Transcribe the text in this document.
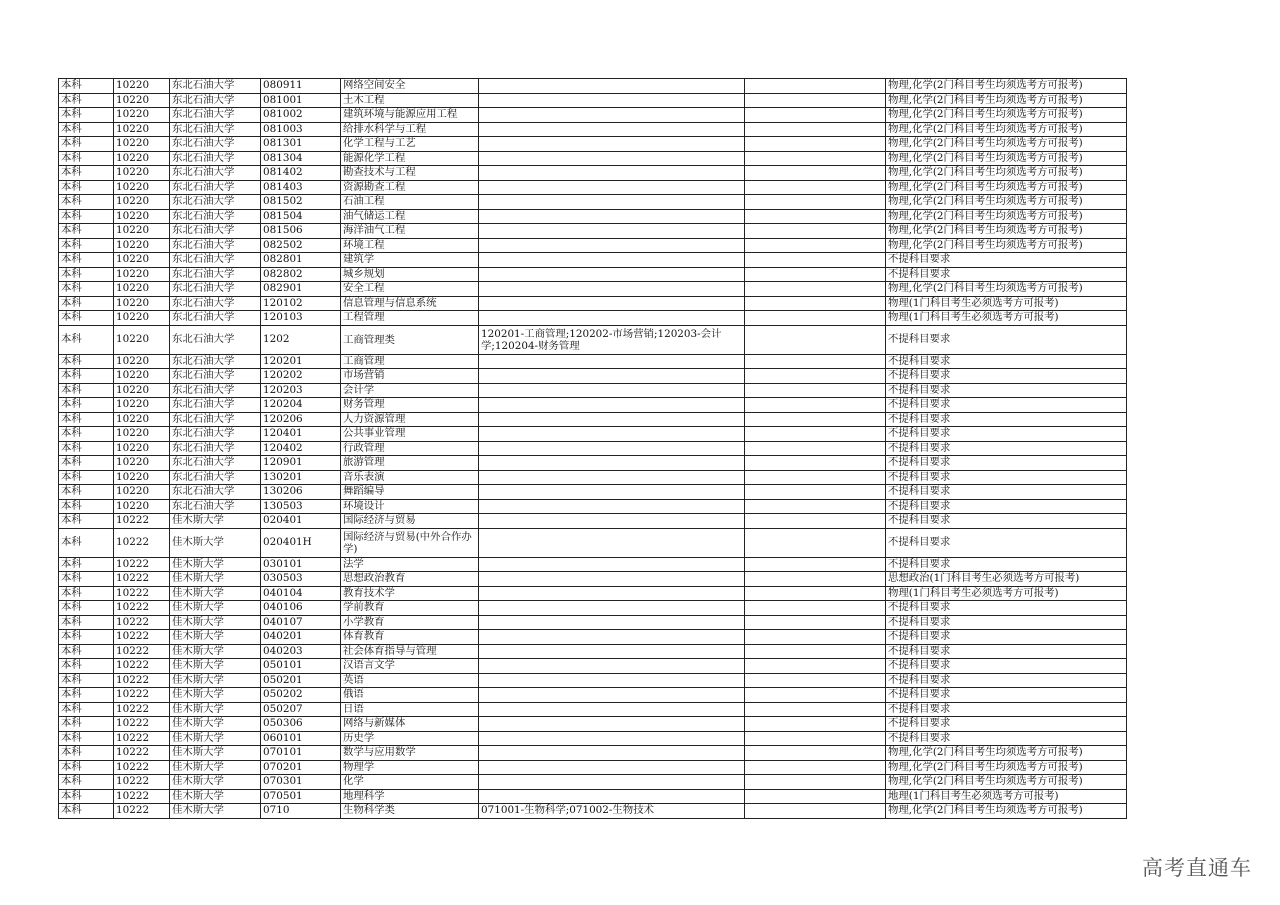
本科	10220	东北石油大学	080911	网络空间安全			物理,化学(2门科目考生均须选考方可报考)
本科	10220	东北石油大学	081001	土木工程			物理,化学(2门科目考生均须选考方可报考)
本科	10220	东北石油大学	081002	建筑环境与能源应用工程			物理,化学(2门科目考生均须选考方可报考)
本科	10220	东北石油大学	081003	给排水科学与工程			物理,化学(2门科目考生均须选考方可报考)
本科	10220	东北石油大学	081301	化学工程与工艺			物理,化学(2门科目考生均须选考方可报考)
本科	10220	东北石油大学	081304	能源化学工程			物理,化学(2门科目考生均须选考方可报考)
本科	10220	东北石油大学	081402	勘查技术与工程			物理,化学(2门科目考生均须选考方可报考)
本科	10220	东北石油大学	081403	资源勘查工程			物理,化学(2门科目考生均须选考方可报考)
本科	10220	东北石油大学	081502	石油工程			物理,化学(2门科目考生均须选考方可报考)
本科	10220	东北石油大学	081504	油气储运工程			物理,化学(2门科目考生均须选考方可报考)
本科	10220	东北石油大学	081506	海洋油气工程			物理,化学(2门科目考生均须选考方可报考)
本科	10220	东北石油大学	082502	环境工程			物理,化学(2门科目考生均须选考方可报考)
本科	10220	东北石油大学	082801	建筑学			不提科目要求
本科	10220	东北石油大学	082802	城乡规划			不提科目要求
本科	10220	东北石油大学	082901	安全工程			物理,化学(2门科目考生均须选考方可报考)
本科	10220	东北石油大学	120102	信息管理与信息系统			物理(1门科目考生必须选考方可报考)
本科	10220	东北石油大学	120103	工程管理			物理(1门科目考生必须选考方可报考)
本科	10220	东北石油大学	1202	工商管理类	120201-工商管理;120202-市场营销;120203-会计学;120204-财务管理		不提科目要求
本科	10220	东北石油大学	120201	工商管理			不提科目要求
本科	10220	东北石油大学	120202	市场营销			不提科目要求
本科	10220	东北石油大学	120203	会计学			不提科目要求
本科	10220	东北石油大学	120204	财务管理			不提科目要求
本科	10220	东北石油大学	120206	人力资源管理			不提科目要求
本科	10220	东北石油大学	120401	公共事业管理			不提科目要求
本科	10220	东北石油大学	120402	行政管理			不提科目要求
本科	10220	东北石油大学	120901	旅游管理			不提科目要求
本科	10220	东北石油大学	130201	音乐表演			不提科目要求
本科	10220	东北石油大学	130206	舞蹈编导			不提科目要求
本科	10220	东北石油大学	130503	环境设计			不提科目要求
本科	10222	佳木斯大学	020401	国际经济与贸易			不提科目要求
本科	10222	佳木斯大学	020401H	国际经济与贸易(中外合作办学)			不提科目要求
本科	10222	佳木斯大学	030101	法学			不提科目要求
本科	10222	佳木斯大学	030503	思想政治教育			思想政治(1门科目考生必须选考方可报考)
本科	10222	佳木斯大学	040104	教育技术学			物理(1门科目考生必须选考方可报考)
本科	10222	佳木斯大学	040106	学前教育			不提科目要求
本科	10222	佳木斯大学	040107	小学教育			不提科目要求
本科	10222	佳木斯大学	040201	体育教育			不提科目要求
本科	10222	佳木斯大学	040203	社会体育指导与管理			不提科目要求
本科	10222	佳木斯大学	050101	汉语言文学			不提科目要求
本科	10222	佳木斯大学	050201	英语			不提科目要求
本科	10222	佳木斯大学	050202	俄语			不提科目要求
本科	10222	佳木斯大学	050207	日语			不提科目要求
本科	10222	佳木斯大学	050306	网络与新媒体			不提科目要求
本科	10222	佳木斯大学	060101	历史学			不提科目要求
本科	10222	佳木斯大学	070101	数学与应用数学			物理,化学(2门科目考生均须选考方可报考)
本科	10222	佳木斯大学	070201	物理学			物理,化学(2门科目考生均须选考方可报考)
本科	10222	佳木斯大学	070301	化学			物理,化学(2门科目考生均须选考方可报考)
本科	10222	佳木斯大学	070501	地理科学			地理(1门科目考生必须选考方可报考)
本科	10222	佳木斯大学	0710	生物科学类	071001-生物科学;071002-生物技术		物理,化学(2门科目考生均须选考方可报考)
高考直通车
